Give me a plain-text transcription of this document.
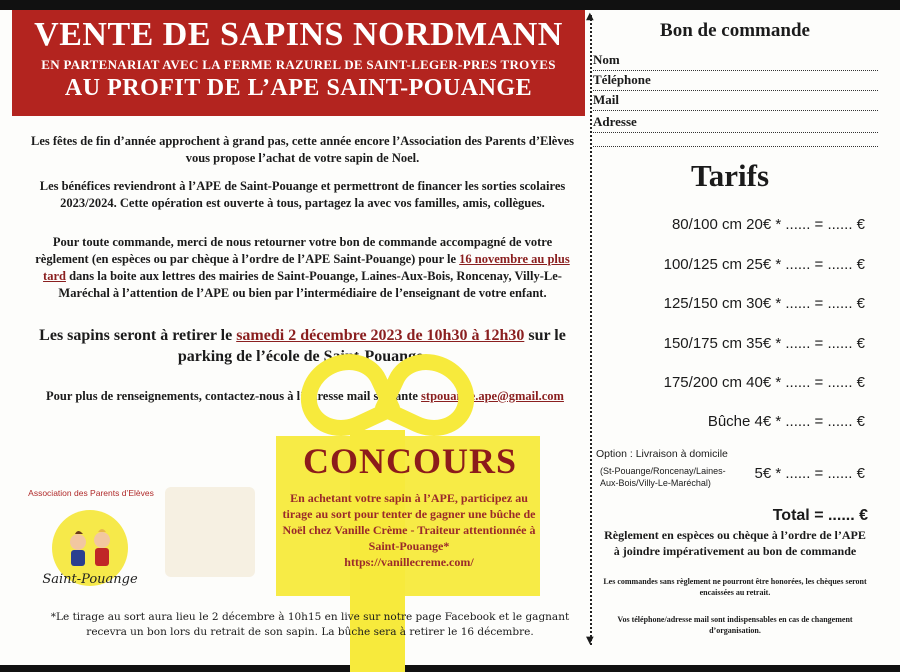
VENTE DE SAPINS NORDMANN
EN PARTENARIAT AVEC LA FERME RAZUREL DE SAINT-LEGER-PRES TROYES
AU PROFIT DE L’APE SAINT-POUANGE
Les fêtes de fin d’année approchent à grand pas, cette année encore l’Association des Parents d’Elèves vous propose l’achat de votre sapin de Noel.
Les bénéfices reviendront à l’APE de Saint-Pouange et permettront de financer les sorties scolaires 2023/2024. Cette opération est ouverte à tous, partagez la avec vos familles, amis, collègues.
Pour toute commande, merci de nous retourner votre bon de commande accompagné de votre règlement (en espèces ou par chèque à l’ordre de l’APE Saint-Pouange) pour le 16 novembre au plus tard dans la boite aux lettres des mairies de Saint-Pouange, Laines-Aux-Bois, Roncenay, Villy-Le-Maréchal à l’attention de l’APE ou bien par l’intermédiaire de l’enseignant de votre enfant.
Les sapins seront à retirer le samedi 2 décembre 2023 de 10h30 à 12h30 sur le parking de l’école de Saint-Pouange.
Pour plus de renseignements, contactez-nous à l’adresse mail suivante stpouange.ape@gmail.com
CONCOURS
En achetant votre sapin à l’APE, participez au tirage au sort pour tenter de gagner une bûche de Noël chez Vanille Crème - Traiteur attentionnée à Saint-Pouange*
https://vanillecreme.com/
Association des Parents d’Elèves
Saint-Pouange
*Le tirage au sort aura lieu le 2 décembre à 10h15 en live sur notre page Facebook et le gagnant recevra un bon lors du retrait de son sapin. La bûche sera à retirer le 16 décembre.
▲
▼
Bon de commande
Nom
Téléphone
Mail
Adresse
Tarifs
80/100 cm 20€ * ...... = ...... €
100/125 cm 25€ * ...... = ...... €
125/150 cm 30€ * ...... = ...... €
150/175 cm 35€ * ...... = ...... €
175/200 cm 40€ * ...... = ...... €
Bûche 4€ * ...... = ...... €
Option : Livraison à domicile
(St-Pouange/Roncenay/Laines-Aux-Bois/Villy-Le-Maréchal)
5€ * ...... = ...... €
Total = ...... €
Règlement en espèces ou chèque à l’ordre de l’APE à joindre impérativement au bon de commande
Les commandes sans règlement ne pourront être honorées, les chèques seront encaissées au retrait.
Vos téléphone/adresse mail sont indispensables en cas de changement d’organisation.
